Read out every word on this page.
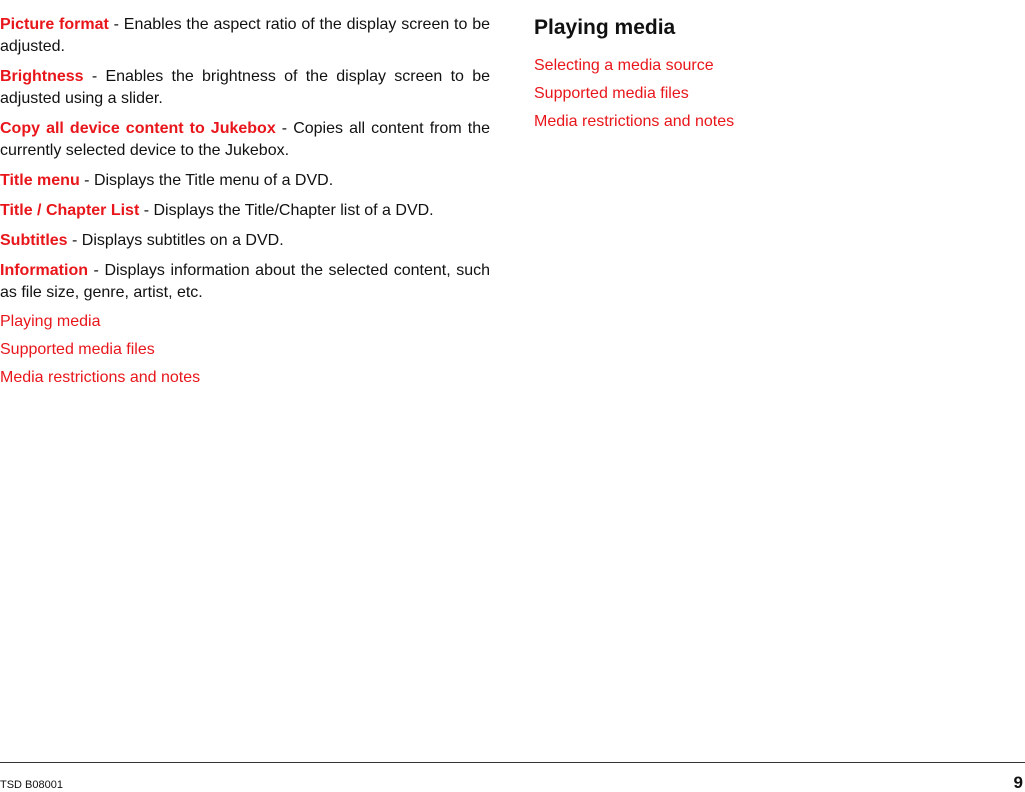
Picture format - Enables the aspect ratio of the display screen to be adjusted.

Brightness - Enables the brightness of the display screen to be adjusted using a slider.

Copy all device content to Jukebox - Copies all content from the currently selected device to the Jukebox.

Title menu - Displays the Title menu of a DVD.

Title / Chapter List - Displays the Title/Chapter list of a DVD.

Subtitles - Displays subtitles on a DVD.

Information - Displays information about the selected content, such as file size, genre, artist, etc.

Playing media
Supported media files
Media restrictions and notes
Playing media
Selecting a media source
Supported media files
Media restrictions and notes
TSD B08001	9
